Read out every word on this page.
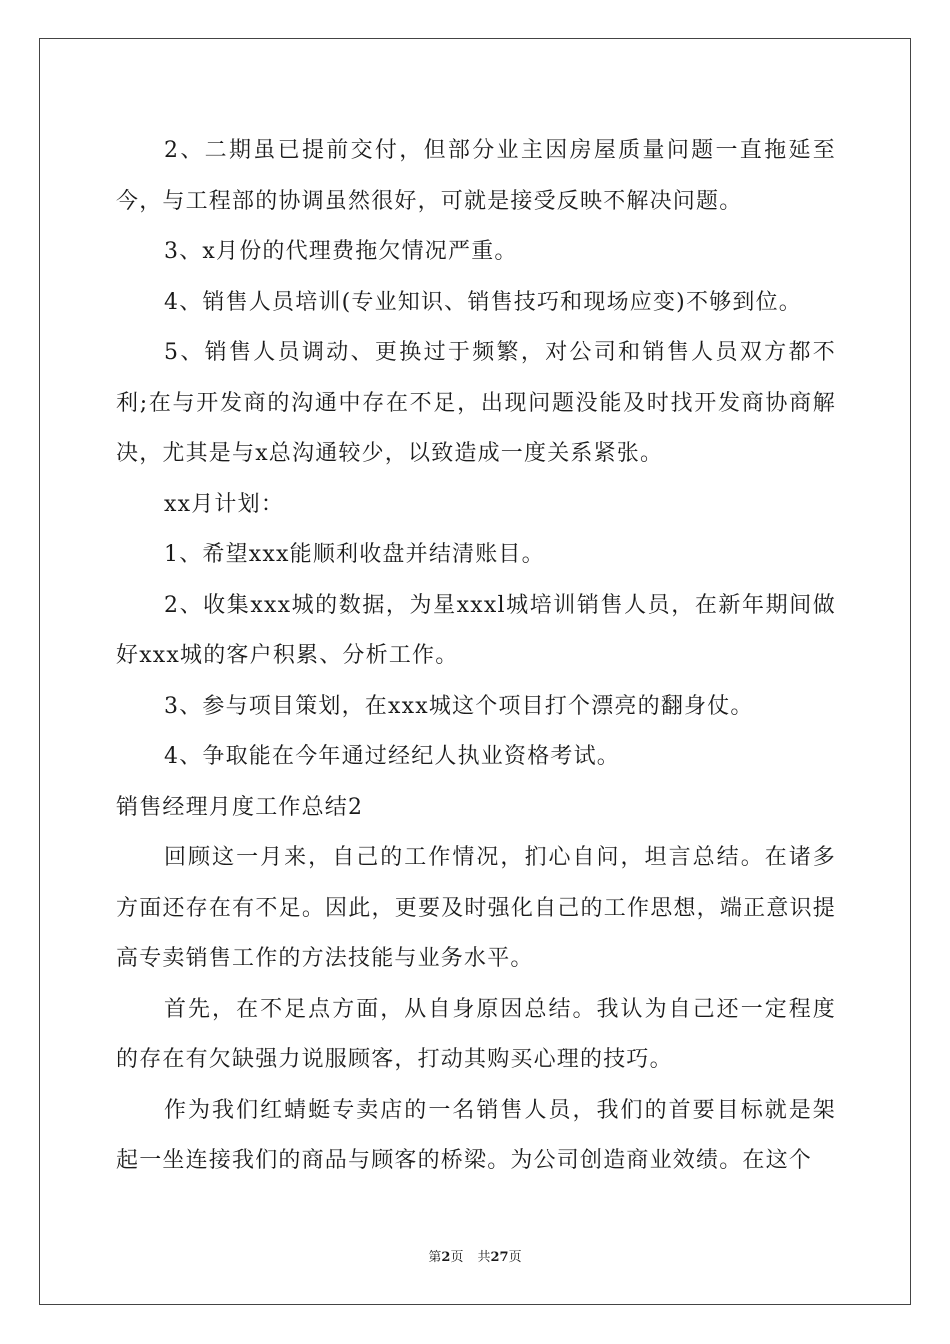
2、二期虽已提前交付，但部分业主因房屋质量问题一直拖延至今，与工程部的协调虽然很好，可就是接受反映不解决问题。

3、x月份的代理费拖欠情况严重。

4、销售人员培训(专业知识、销售技巧和现场应变)不够到位。

5、销售人员调动、更换过于频繁，对公司和销售人员双方都不利;在与开发商的沟通中存在不足，出现问题没能及时找开发商协商解决，尤其是与x总沟通较少，以致造成一度关系紧张。

xx月计划：

1、希望xxx能顺利收盘并结清账目。

2、收集xxx城的数据，为星xxxl城培训销售人员，在新年期间做好xxx城的客户积累、分析工作。

3、参与项目策划，在xxx城这个项目打个漂亮的翻身仗。

4、争取能在今年通过经纪人执业资格考试。

销售经理月度工作总结2

回顾这一月来，自己的工作情况，扪心自问，坦言总结。在诸多方面还存在有不足。因此，更要及时强化自己的工作思想，端正意识提高专卖销售工作的方法技能与业务水平。

首先，在不足点方面，从自身原因总结。我认为自己还一定程度的存在有欠缺强力说服顾客，打动其购买心理的技巧。

作为我们红蜻蜓专卖店的一名销售人员，我们的首要目标就是架起一坐连接我们的商品与顾客的桥梁。为公司创造商业效绩。在这个

第2页 共27页
